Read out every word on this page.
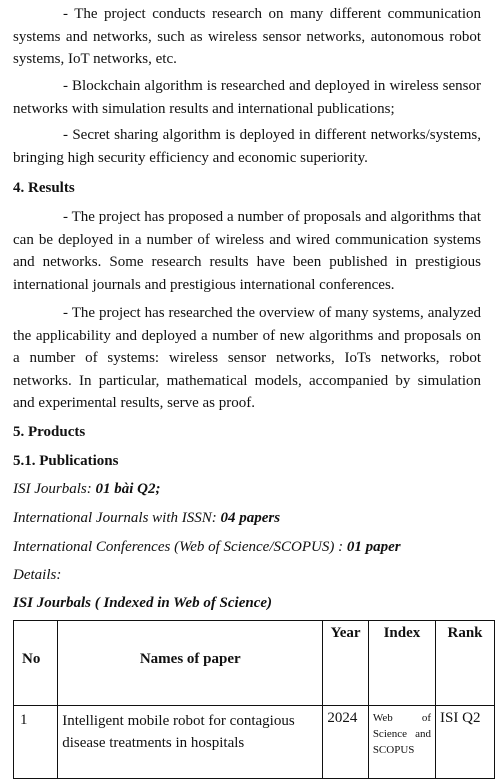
- The project conducts research on many different communication systems and networks, such as wireless sensor networks, autonomous robot systems, IoT networks, etc.

- Blockchain algorithm is researched and deployed in wireless sensor networks with simulation results and international publications;

- Secret sharing algorithm is deployed in different networks/systems, bringing high security efficiency and economic superiority.

4. Results

- The project has proposed a number of proposals and algorithms that can be deployed in a number of wireless and wired communication systems and networks. Some research results have been published in prestigious international journals and prestigious international conferences.

- The project has researched the overview of many systems, analyzed the applicability and deployed a number of new algorithms and proposals on a number of systems: wireless sensor networks, IoTs networks, robot networks. In particular, mathematical models, accompanied by simulation and experimental results, serve as proof.

5. Products
5.1. Publications
ISI Jourbals: 01 bài Q2;
International Journals with ISSN: 04 papers
International Conferences (Web of Science/SCOPUS) : 01 paper
Details:
ISI Jourbals ( Indexed in Web of Science)
No	Names of paper	Year	Index	Rank
1	Intelligent mobile robot for contagious disease treatments in hospitals	2024	Web of Science and SCOPUS	ISI Q2
